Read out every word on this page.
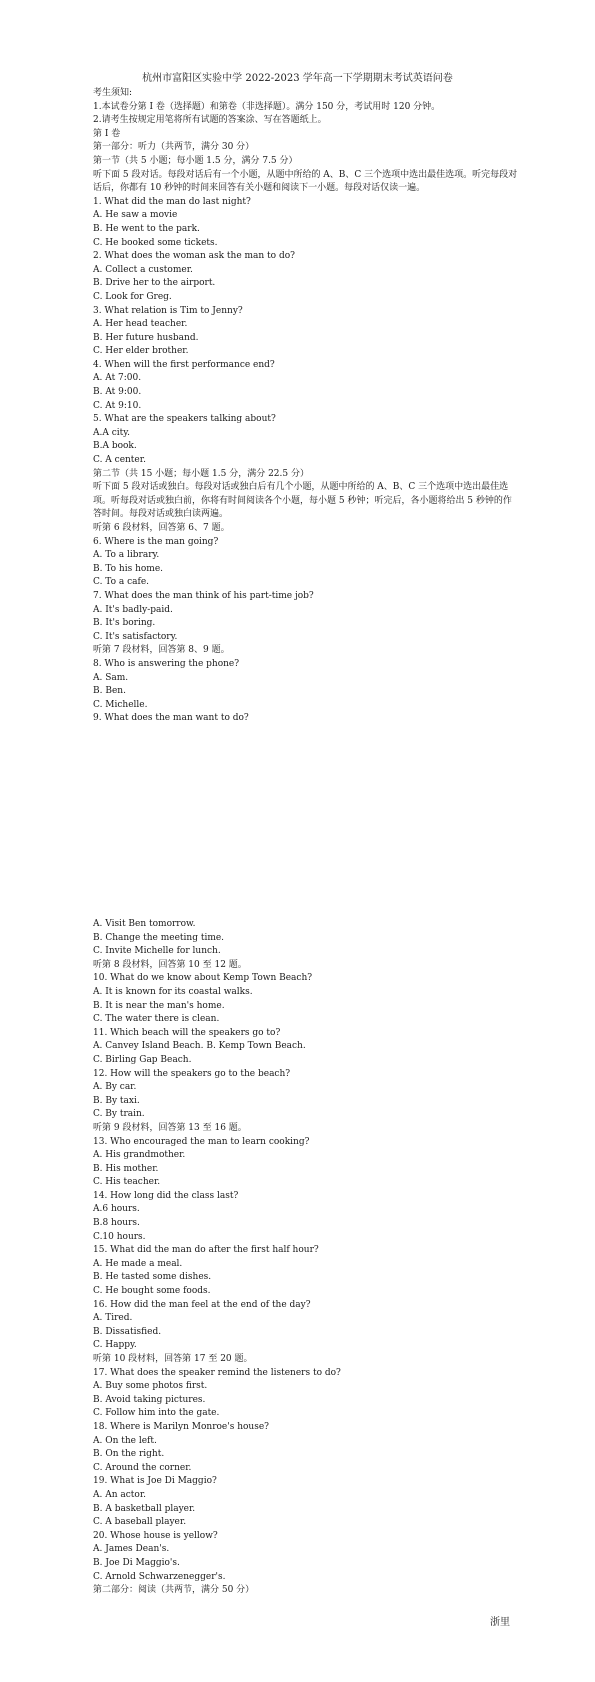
杭州市富阳区实验中学 2022-2023 学年高一下学期期末考试英语问卷
考生须知:
1.本试卷分第 I 卷（选择题）和第卷（非选择题）。满分 150 分，考试用时 120 分钟。
2.请考生按规定用笔将所有试题的答案涂、写在答题纸上。
第 I 卷
第一部分：听力（共两节，满分 30 分）
第一节（共 5 小题；每小题 1.5 分，满分 7.5 分）
听下面 5 段对话。每段对话后有一个小题，从题中所给的 A、B、C 三个选项中选出最佳选项。听完每段对话后，你都有 10 秒钟的时间来回答有关小题和阅读下一小题。每段对话仅读一遍。
1. What did the man do last night?
A. He saw a movie
B. He went to the park.
C. He booked some tickets.
2. What does the woman ask the man to do?
A. Collect a customer.
B. Drive her to the airport.
C. Look for Greg.
3. What relation is Tim to Jenny?
A. Her head teacher.
B. Her future husband.
C. Her elder brother.
4. When will the first performance end?
A. At 7:00.
B. At 9:00.
C. At 9:10.
5. What are the speakers talking about?
A.A city.
B.A book.
C. A center.
第二节（共 15 小题；每小题 1.5 分，满分 22.5 分）
听下面 5 段对话或独白。每段对话或独白后有几个小题，从题中所给的 A、B、C 三个选项中选出最佳选项。听每段对话或独白前，你将有时间阅读各个小题，每小题 5 秒钟；听完后，各小题将给出 5 秒钟的作答时间。每段对话或独白读两遍。
听第 6 段材料，回答第 6、7 题。
6. Where is the man going?
A. To a library.
B. To his home.
C. To a cafe.
7. What does the man think of his part-time job?
A. It's badly-paid.
B. It's boring.
C. It's satisfactory.
听第 7 段材料，回答第 8、9 题。
8. Who is answering the phone?
A. Sam.
B. Ben.
C. Michelle.
9. What does the man want to do?
A. Visit Ben tomorrow.
B. Change the meeting time.
C. Invite Michelle for lunch.
听第 8 段材料，回答第 10 至 12 题。
10. What do we know about Kemp Town Beach?
A. It is known for its coastal walks.
B. It is near the man's home.
C. The water there is clean.
11. Which beach will the speakers go to?
A. Canvey Island Beach. B. Kemp Town Beach.
C. Birling Gap Beach.
12. How will the speakers go to the beach?
A. By car.
B. By taxi.
C. By train.
听第 9 段材料，回答第 13 至 16 题。
13. Who encouraged the man to learn cooking?
A. His grandmother.
B. His mother.
C. His teacher.
14. How long did the class last?
A.6 hours.
B.8 hours.
C.10 hours.
15. What did the man do after the first half hour?
A. He made a meal.
B. He tasted some dishes.
C. He bought some foods.
16. How did the man feel at the end of the day?
A. Tired.
B. Dissatisfied.
C. Happy.
听第 10 段材料，回答第 17 至 20 题。
17. What does the speaker remind the listeners to do?
A. Buy some photos first.
B. Avoid taking pictures.
C. Follow him into the gate.
18. Where is Marilyn Monroe's house?
A. On the left.
B. On the right.
C. Around the corner.
19. What is Joe Di Maggio?
A. An actor.
B. A basketball player.
C. A baseball player.
20. Whose house is yellow?
A. James Dean's.
B. Joe Di Maggio's.
C. Arnold Schwarzenegger's.
第二部分：阅读（共两节，满分 50 分）
浙里
